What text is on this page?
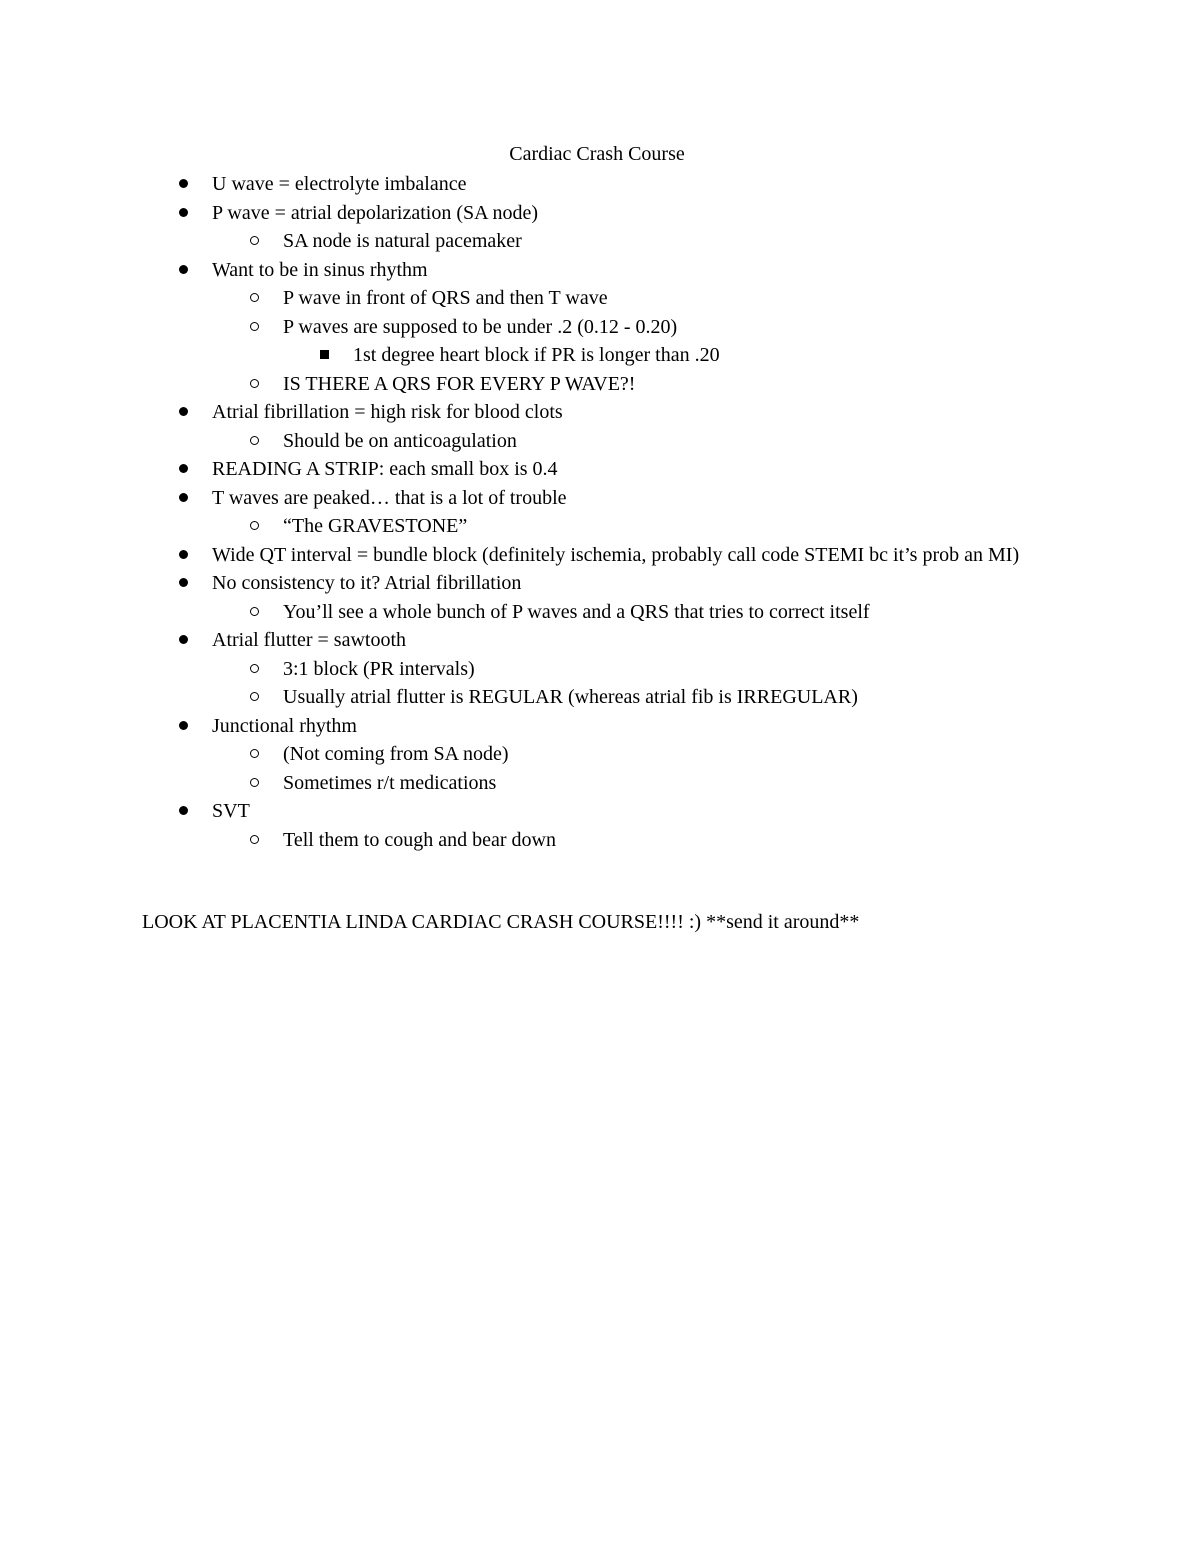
Cardiac Crash Course
U wave = electrolyte imbalance
P wave = atrial depolarization (SA node)
SA node is natural pacemaker
Want to be in sinus rhythm
P wave in front of QRS and then T wave
P waves are supposed to be under .2 (0.12 - 0.20)
1st degree heart block if PR is longer than .20
IS THERE A QRS FOR EVERY P WAVE?!
Atrial fibrillation = high risk for blood clots
Should be on anticoagulation
READING A STRIP: each small box is 0.4
T waves are peaked… that is a lot of trouble
“The GRAVESTONE”
Wide QT interval = bundle block (definitely ischemia, probably call code STEMI bc it’s prob an MI)
No consistency to it? Atrial fibrillation
You’ll see a whole bunch of P waves and a QRS that tries to correct itself
Atrial flutter = sawtooth
3:1 block (PR intervals)
Usually atrial flutter is REGULAR (whereas atrial fib is IRREGULAR)
Junctional rhythm
(Not coming from SA node)
Sometimes r/t medications
SVT
Tell them to cough and bear down
LOOK AT PLACENTIA LINDA CARDIAC CRASH COURSE!!!! :) **send it around**
